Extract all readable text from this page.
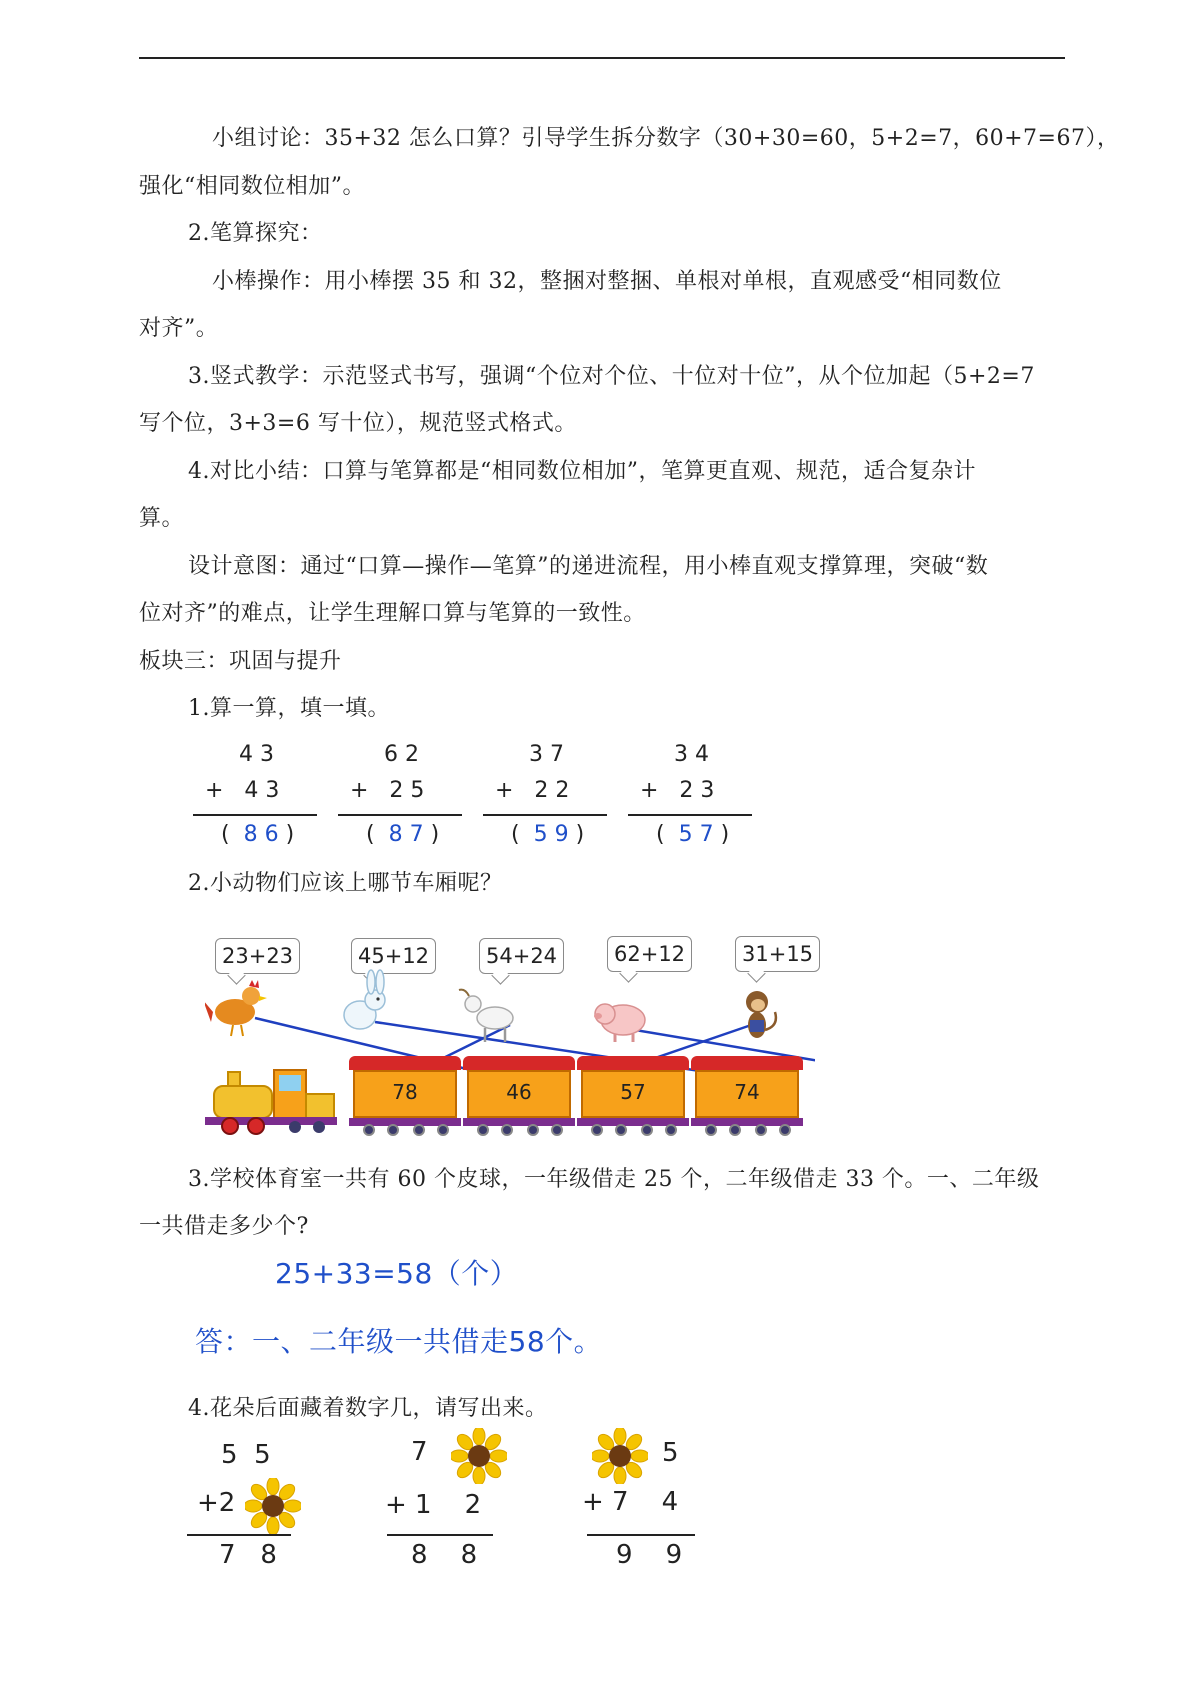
小组讨论：35+32 怎么口算？引导学生拆分数字（30+30=60，5+2=7，60+7=67），
强化“相同数位相加”。
2.笔算探究：
小棒操作：用小棒摆 35 和 32，整捆对整捆、单根对单根，直观感受“相同数位
对齐”。
3.竖式教学：示范竖式书写，强调“个位对个位、十位对十位”，从个位加起（5+2=7
写个位，3+3=6 写十位），规范竖式格式。
4.对比小结：口算与笔算都是“相同数位相加”，笔算更直观、规范，适合复杂计
算。
设计意图：通过“口算—操作—笔算”的递进流程，用小棒直观支撑算理，突破“数
位对齐”的难点，让学生理解口算与笔算的一致性。
板块三：巩固与提升
1.算一算，填一填。
4 3
+   4 3
( 8 6 )
6 2
+   2 5
( 8 7 )
3 7
+   2 2
( 5 9 )
3 4
+   2 3
( 5 7 )
2.小动物们应该上哪节车厢呢？
23+23	45+12	54+24	62+12	31+15
78	46	57	74
3.学校体育室一共有 60 个皮球，一年级借走 25 个，二年级借走 33 个。一、二年级
一共借走多少个?
25+33=58（个）
答：一、二年级一共借走58个。
4.花朵后面藏着数字几，请写出来。
5  5
+2
7   8
7
+ 1    2
8    8
5
+ 7    4
9    9
